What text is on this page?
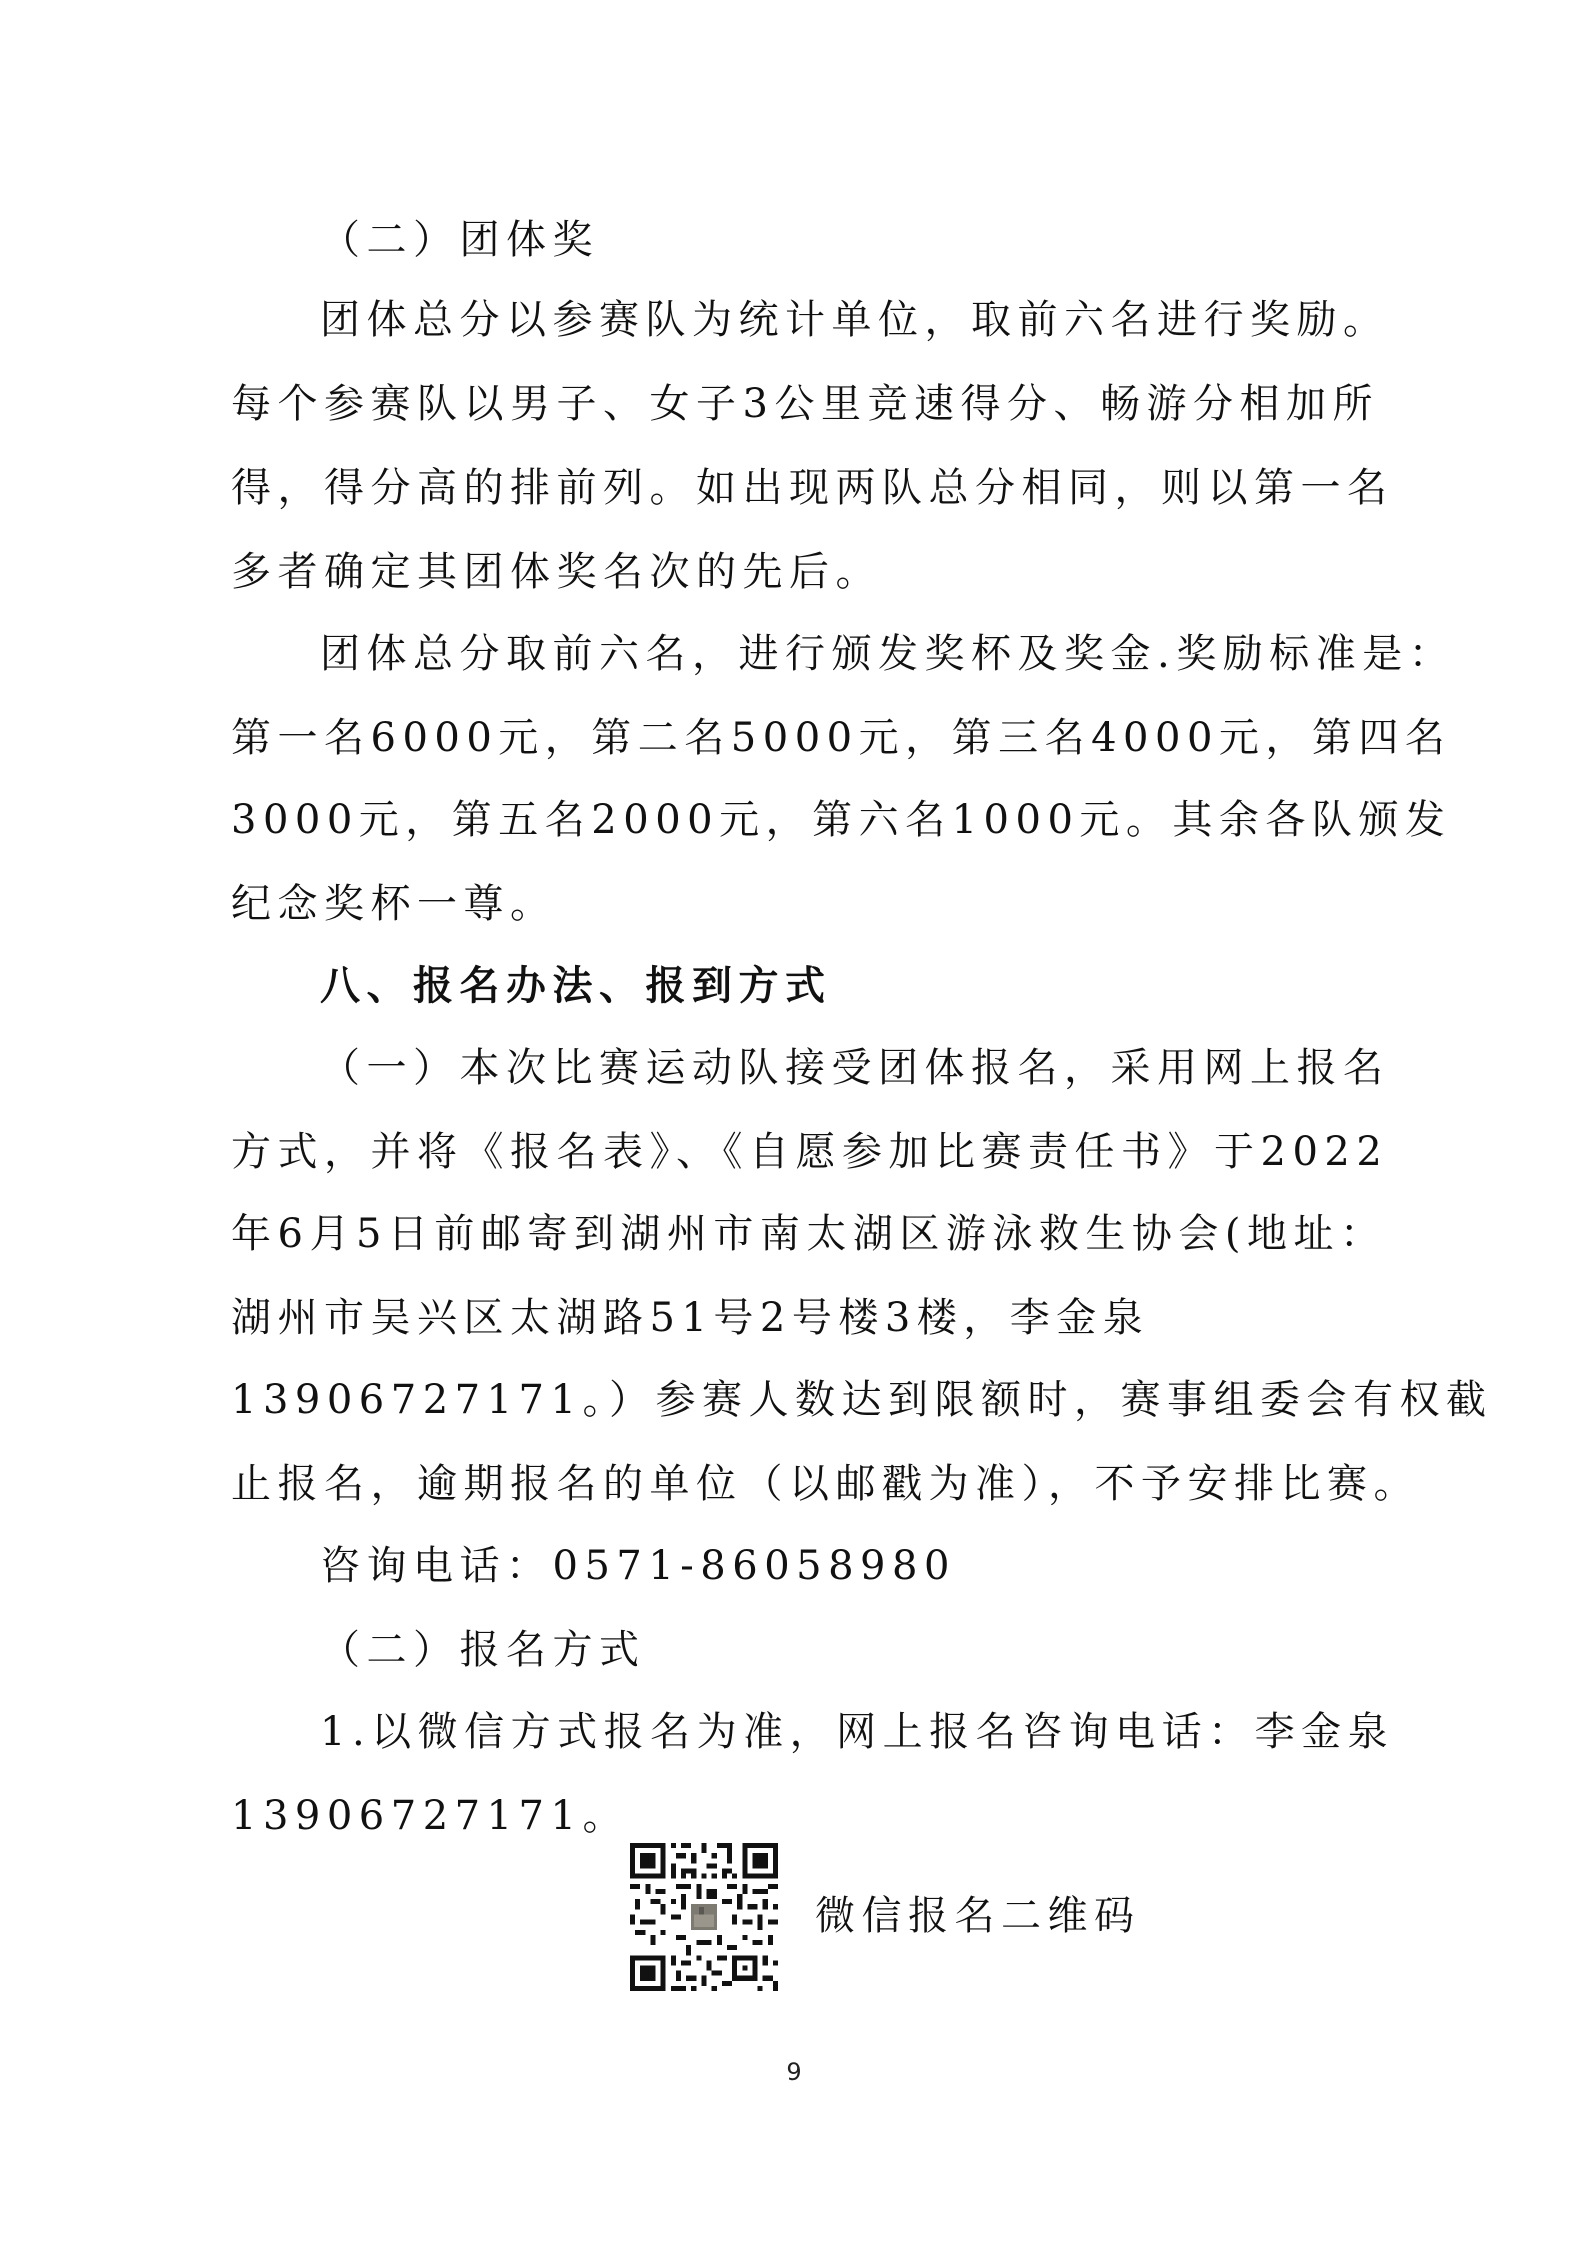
（二）团体奖
团体总分以参赛队为统计单位，取前六名进行奖励。
每个参赛队以男子、女子3公里竞速得分、畅游分相加所
得，得分高的排前列。如出现两队总分相同，则以第一名
多者确定其团体奖名次的先后。
团体总分取前六名，进行颁发奖杯及奖金.奖励标准是：
第一名6000元，第二名5000元，第三名4000元，第四名
3000元，第五名2000元，第六名1000元。其余各队颁发
纪念奖杯一尊。
八、报名办法、报到方式
（一）本次比赛运动队接受团体报名，采用网上报名
方式，并将《报名表》、《自愿参加比赛责任书》于2022
年6月5日前邮寄到湖州市南太湖区游泳救生协会(地址：
湖州市吴兴区太湖路51号2号楼3楼，李金泉
13906727171。）参赛人数达到限额时，赛事组委会有权截
止报名，逾期报名的单位（以邮戳为准），不予安排比赛。
咨询电话：0571-86058980
（二）报名方式
1.以微信方式报名为准，网上报名咨询电话：李金泉
13906727171。
微信报名二维码
9
